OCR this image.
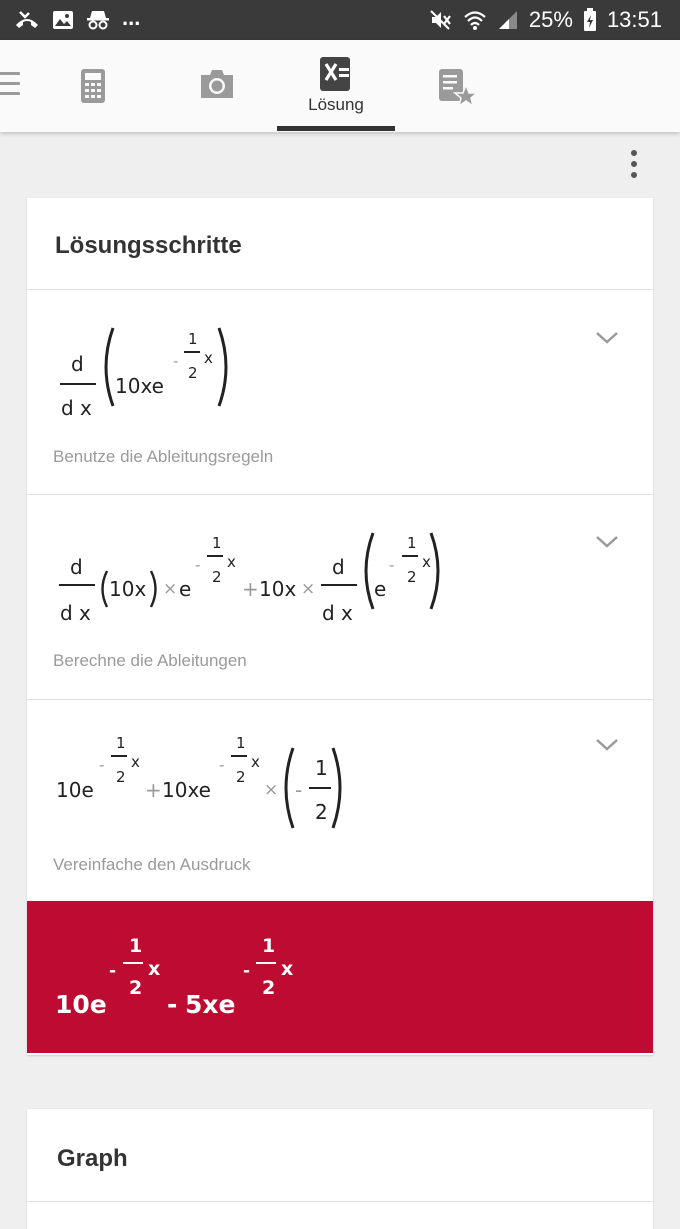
...	25% 13:51
Lösung
Lösungsschritte
d
d x
10xe
-
1
2
x
Benutze die Ableitungsregeln
d
d x
10x × e
-
1
2
x
+ 10x ×
d
d x
e
-
1
2
x
Berechne die Ableitungen
10e
-
1
2
x
+ 10xe
-
1
2
x
× -
1
2
Vereinfache den Ausdruck
10e
-
1
2
x
- 5xe
-
1
2
x
Graph
